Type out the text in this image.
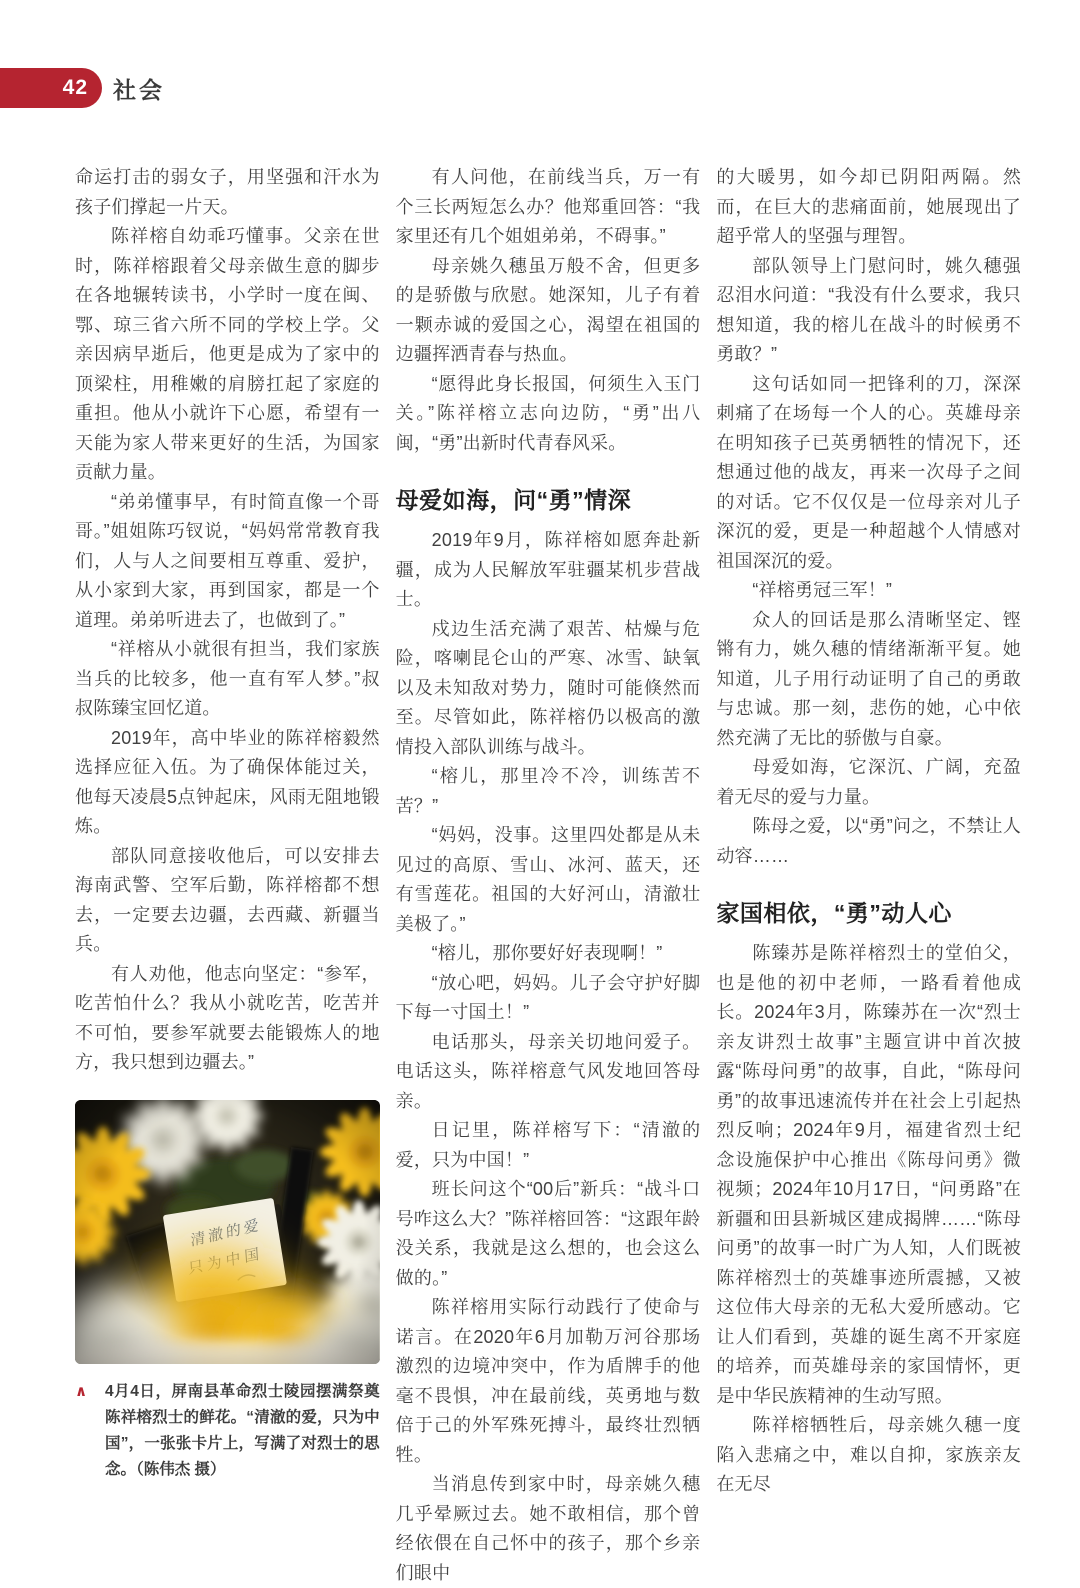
42 社会

命运打击的弱女子，用坚强和汗水为孩子们撑起一片天。

陈祥榕自幼乖巧懂事。父亲在世时，陈祥榕跟着父母亲做生意的脚步在各地辗转读书，小学时一度在闽、鄂、琼三省六所不同的学校上学。父亲因病早逝后，他更是成为了家中的顶梁柱，用稚嫩的肩膀扛起了家庭的重担。他从小就许下心愿，希望有一天能为家人带来更好的生活，为国家贡献力量。

“弟弟懂事早，有时简直像一个哥哥。”姐姐陈巧钗说，“妈妈常常教育我们，人与人之间要相互尊重、爱护，从小家到大家，再到国家，都是一个道理。弟弟听进去了，也做到了。”

“祥榕从小就很有担当，我们家族当兵的比较多，他一直有军人梦。”叔叔陈臻宝回忆道。

2019年，高中毕业的陈祥榕毅然选择应征入伍。为了确保体能过关，他每天凌晨5点钟起床，风雨无阻地锻炼。

部队同意接收他后，可以安排去海南武警、空军后勤，陈祥榕都不想去，一定要去边疆，去西藏、新疆当兵。

有人劝他，他志向坚定：“参军，吃苦怕什么？我从小就吃苦，吃苦并不可怕，要参军就要去能锻炼人的地方，我只想到边疆去。”

∧	4月4日，屏南县革命烈士陵园摆满祭奠陈祥榕烈士的鲜花。“清澈的爱，只为中国”，一张张卡片上，写满了对烈士的思念。（陈伟杰 摄）

有人问他，在前线当兵，万一有个三长两短怎么办？他郑重回答：“我家里还有几个姐姐弟弟，不碍事。”

母亲姚久穗虽万般不舍，但更多的是骄傲与欣慰。她深知，儿子有着一颗赤诚的爱国之心，渴望在祖国的边疆挥洒青春与热血。

“愿得此身长报国，何须生入玉门关。”陈祥榕立志向边防，“勇”出八闽，“勇”出新时代青春风采。

母爱如海，问“勇”情深

2019年9月，陈祥榕如愿奔赴新疆，成为人民解放军驻疆某机步营战士。

戍边生活充满了艰苦、枯燥与危险，喀喇昆仑山的严寒、冰雪、缺氧以及未知敌对势力，随时可能倏然而至。尽管如此，陈祥榕仍以极高的激情投入部队训练与战斗。

“榕儿，那里冷不冷，训练苦不苦？”

“妈妈，没事。这里四处都是从未见过的高原、雪山、冰河、蓝天，还有雪莲花。祖国的大好河山，清澈壮美极了。”

“榕儿，那你要好好表现啊！”

“放心吧，妈妈。儿子会守护好脚下每一寸国土！”

电话那头，母亲关切地问爱子。电话这头，陈祥榕意气风发地回答母亲。

日记里，陈祥榕写下：“清澈的爱，只为中国！”

班长问这个“00后”新兵：“战斗口号咋这么大？”陈祥榕回答：“这跟年龄没关系，我就是这么想的，也会这么做的。”

陈祥榕用实际行动践行了使命与诺言。在2020年6月加勒万河谷那场激烈的边境冲突中，作为盾牌手的他毫不畏惧，冲在最前线，英勇地与数倍于己的外军殊死搏斗，最终壮烈牺牲。

当消息传到家中时，母亲姚久穗几乎晕厥过去。她不敢相信，那个曾经依偎在自己怀中的孩子，那个乡亲们眼中

的大暖男，如今却已阴阳两隔。然而，在巨大的悲痛面前，她展现出了超乎常人的坚强与理智。

部队领导上门慰问时，姚久穗强忍泪水问道：“我没有什么要求，我只想知道，我的榕儿在战斗的时候勇不勇敢？”

这句话如同一把锋利的刀，深深刺痛了在场每一个人的心。英雄母亲在明知孩子已英勇牺牲的情况下，还想通过他的战友，再来一次母子之间的对话。它不仅仅是一位母亲对儿子深沉的爱，更是一种超越个人情感对祖国深沉的爱。

“祥榕勇冠三军！”

众人的回话是那么清晰坚定、铿锵有力，姚久穗的情绪渐渐平复。她知道，儿子用行动证明了自己的勇敢与忠诚。那一刻，悲伤的她，心中依然充满了无比的骄傲与自豪。

母爱如海，它深沉、广阔，充盈着无尽的爱与力量。

陈母之爱，以“勇”问之，不禁让人动容……

家国相依，“勇”动人心

陈臻苏是陈祥榕烈士的堂伯父，也是他的初中老师，一路看着他成长。2024年3月，陈臻苏在一次“烈士亲友讲烈士故事”主题宣讲中首次披露“陈母问勇”的故事，自此，“陈母问勇”的故事迅速流传并在社会上引起热烈反响；2024年9月，福建省烈士纪念设施保护中心推出《陈母问勇》微视频；2024年10月17日，“问勇路”在新疆和田县新城区建成揭牌……“陈母问勇”的故事一时广为人知，人们既被陈祥榕烈士的英雄事迹所震撼，又被这位伟大母亲的无私大爱所感动。它让人们看到，英雄的诞生离不开家庭的培养，而英雄母亲的家国情怀，更是中华民族精神的生动写照。

陈祥榕牺牲后，母亲姚久穗一度陷入悲痛之中，难以自抑，家族亲友在无尽
